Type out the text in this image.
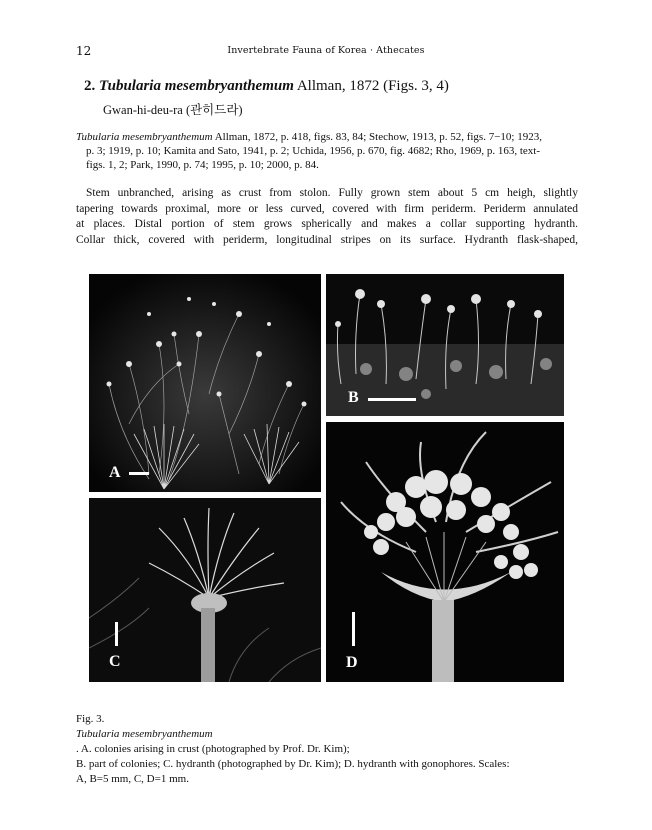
12	Invertebrate Fauna of Korea · Athecates
2. Tubularia mesembryanthemum Allman, 1872 (Figs. 3, 4)
Gwan-hi-deu-ra (관히드라)
Tubularia mesembryanthemum Allman, 1872, p. 418, figs. 83, 84; Stechow, 1913, p. 52, figs. 7−10; 1923,
p. 3; 1919, p. 10; Kamita and Sato, 1941, p. 2; Uchida, 1956, p. 670, fig. 4682; Rho, 1969, p. 163, text-
figs. 1, 2; Park, 1990, p. 74; 1995, p. 10; 2000, p. 84.
Stem unbranched, arising as crust from stolon. Fully grown stem about 5 cm heigh, slightly
tapering towards proximal, more or less curved, covered with firm periderm. Periderm annulated
at places. Distal portion of stem grows spherically and makes a collar supporting hydranth.
Collar thick, covered with periderm, longitudinal stripes on its surface. Hydranth flask-shaped,
A
B
C	D
Fig. 3.
Tubularia mesembryanthemum
. A. colonies arising in crust (photographed by Prof. Dr. Kim);
B. part of colonies; C. hydranth (photographed by Dr. Kim); D. hydranth with gonophores. Scales:
A, B=5 mm, C, D=1 mm.
